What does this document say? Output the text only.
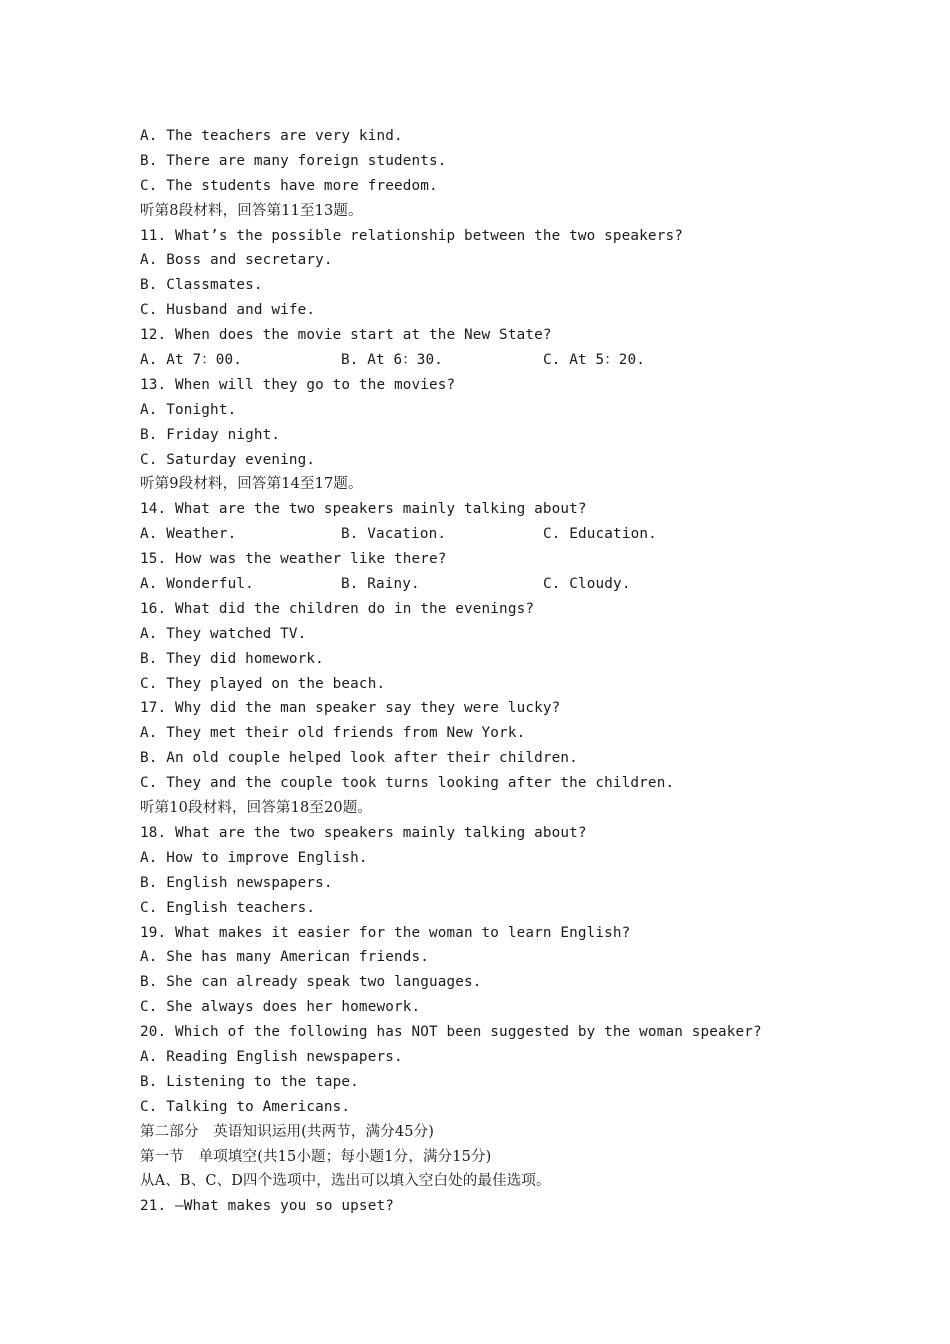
A. The teachers are very kind.
B. There are many foreign students.
C. The students have more freedom.
听第8段材料，回答第11至13题。
11. What’s the possible relationship between the two speakers?
A. Boss and secretary.
B. Classmates.
C. Husband and wife.
12. When does the movie start at the New State?
A. At 7：00.	B. At 6：30.	C. At 5：20.
13. When will they go to the movies?
A. Tonight.
B. Friday night.
C. Saturday evening.
听第9段材料，回答第14至17题。
14. What are the two speakers mainly talking about?
A. Weather.	B. Vacation.	C. Education.
15. How was the weather like there?
A. Wonderful.	B. Rainy.	C. Cloudy.
16. What did the children do in the evenings?
A. They watched TV.
B. They did homework.
C. They played on the beach.
17. Why did the man speaker say they were lucky?
A. They met their old friends from New York.
B. An old couple helped look after their children.
C. They and the couple took turns looking after the children.
听第10段材料，回答第18至20题。
18. What are the two speakers mainly talking about?
A. How to improve English.
B. English newspapers.
C. English teachers.
19. What makes it easier for the woman to learn English?
A. She has many American friends.
B. She can already speak two languages.
C. She always does her homework.
20. Which of the following has NOT been suggested by the woman speaker?
A. Reading English newspapers.
B. Listening to the tape.
C. Talking to Americans.
第二部分　英语知识运用(共两节，满分45分)
第一节　单项填空(共15小题；每小题1分，满分15分)
从A、B、C、D四个选项中，选出可以填入空白处的最佳选项。
21. —What makes you so upset?
